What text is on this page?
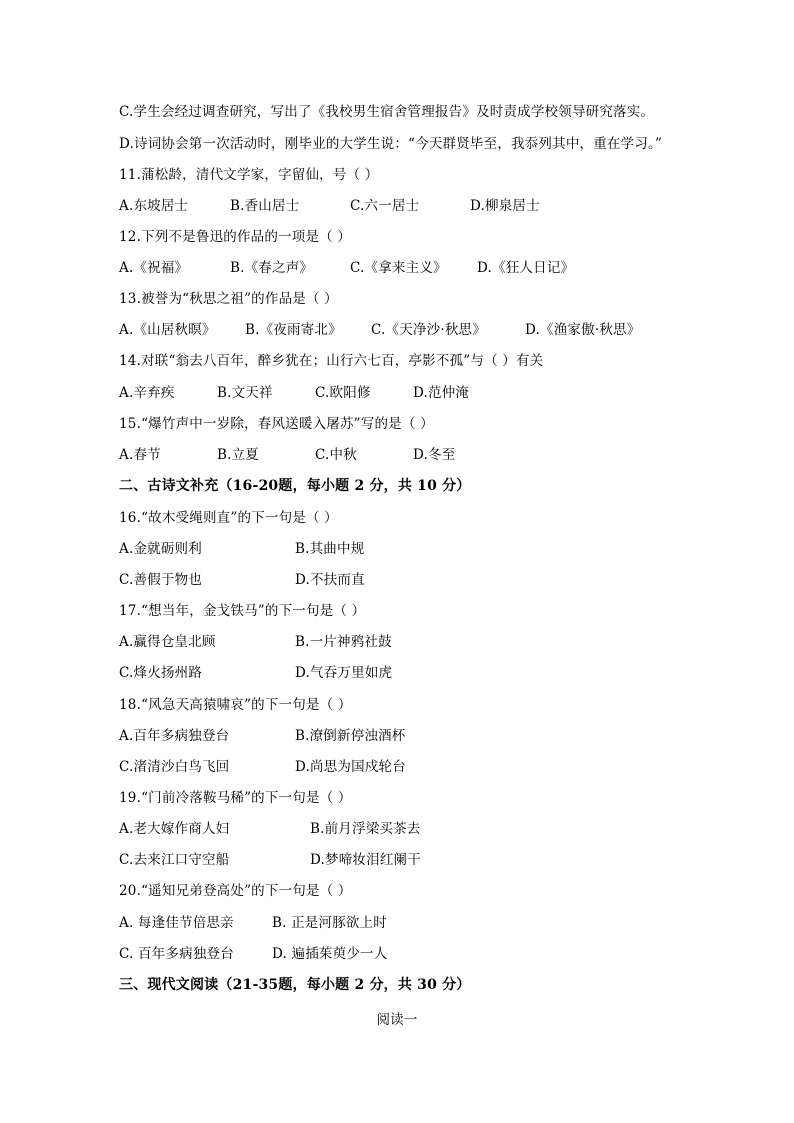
C.学生会经过调查研究，写出了《我校男生宿舍管理报告》及时责成学校领导研究落实。
D.诗词协会第一次活动时，刚毕业的大学生说：“今天群贤毕至，我忝列其中，重在学习。”
11.蒲松龄，清代文学家，字留仙，号（ ）
A.东坡居士	B.香山居士	C.六一居士	D.柳泉居士
12.下列不是鲁迅的作品的一项是（ ）
A.《祝福》	B.《春之声》	C.《拿来主义》 D.《狂人日记》
13.被誉为“秋思之祖”的作品是（ ）
A.《山居秋暝》 B.《夜雨寄北》 C.《天净沙·秋思》	D.《渔家傲·秋思》
14.对联“翁去八百年，醉乡犹在；山行六七百，亭影不孤”与（ ）有关
A.辛弃疾	B.文天祥	C.欧阳修	D.范仲淹
15.“爆竹声中一岁除，春风送暖入屠苏”写的是（ ）
A.春节	B.立夏	C.中秋	D.冬至
二、古诗文补充（16-20题，每小题 2 分，共 10 分）
16.“故木受绳则直”的下一句是（ ）
A.金就砺则利	B.其曲中规
C.善假于物也	D.不扶而直
17.“想当年，金戈铁马”的下一句是（ ）
A.赢得仓皇北顾	B.一片神鸦社鼓
C.烽火扬州路	D.气吞万里如虎
18.“风急天高猿啸哀”的下一句是（ ）
A.百年多病独登台	B.潦倒新停浊酒杯
C.渚清沙白鸟飞回	D.尚思为国戍轮台
19.“门前冷落鞍马稀”的下一句是（ ）
A.老大嫁作商人妇	B.前月浮梁买茶去
C.去来江口守空船	D.梦啼妆泪红阑干
20.“遥知兄弟登高处”的下一句是（ ）
A. 每逢佳节倍思亲	B. 正是河豚欲上时
C. 百年多病独登台	D. 遍插茱萸少一人
三、现代文阅读（21-35题，每小题 2 分，共 30 分）
阅读一
